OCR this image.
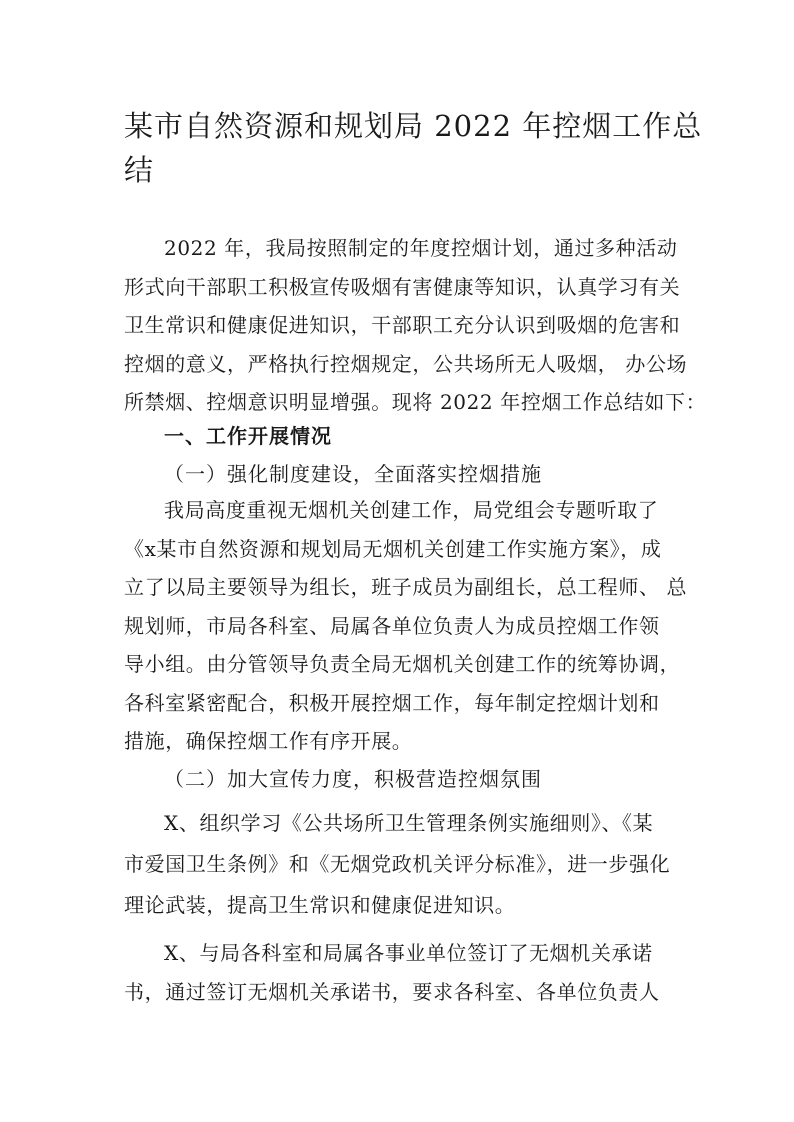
某市自然资源和规划局 2022 年控烟工作总
结
2022 年，我局按照制定的年度控烟计划，通过多种活动
形式向干部职工积极宣传吸烟有害健康等知识，认真学习有关
卫生常识和健康促进知识，干部职工充分认识到吸烟的危害和
控烟的意义，严格执行控烟规定，公共场所无人吸烟， 办公场
所禁烟、控烟意识明显增强。现将 2022 年控烟工作总结如下：
一、工作开展情况
（一）强化制度建设，全面落实控烟措施
我局高度重视无烟机关创建工作，局党组会专题听取了
《x某市自然资源和规划局无烟机关创建工作实施方案》，成
立了以局主要领导为组长，班子成员为副组长，总工程师、 总
规划师，市局各科室、局属各单位负责人为成员控烟工作领
导小组。由分管领导负责全局无烟机关创建工作的统筹协调，
各科室紧密配合，积极开展控烟工作，每年制定控烟计划和
措施，确保控烟工作有序开展。
（二）加大宣传力度，积极营造控烟氛围
X、组织学习《公共场所卫生管理条例实施细则》、《某
市爱国卫生条例》和《无烟党政机关评分标准》，进一步强化
理论武装，提高卫生常识和健康促进知识。
X、与局各科室和局属各事业单位签订了无烟机关承诺
书，通过签订无烟机关承诺书，要求各科室、各单位负责人
